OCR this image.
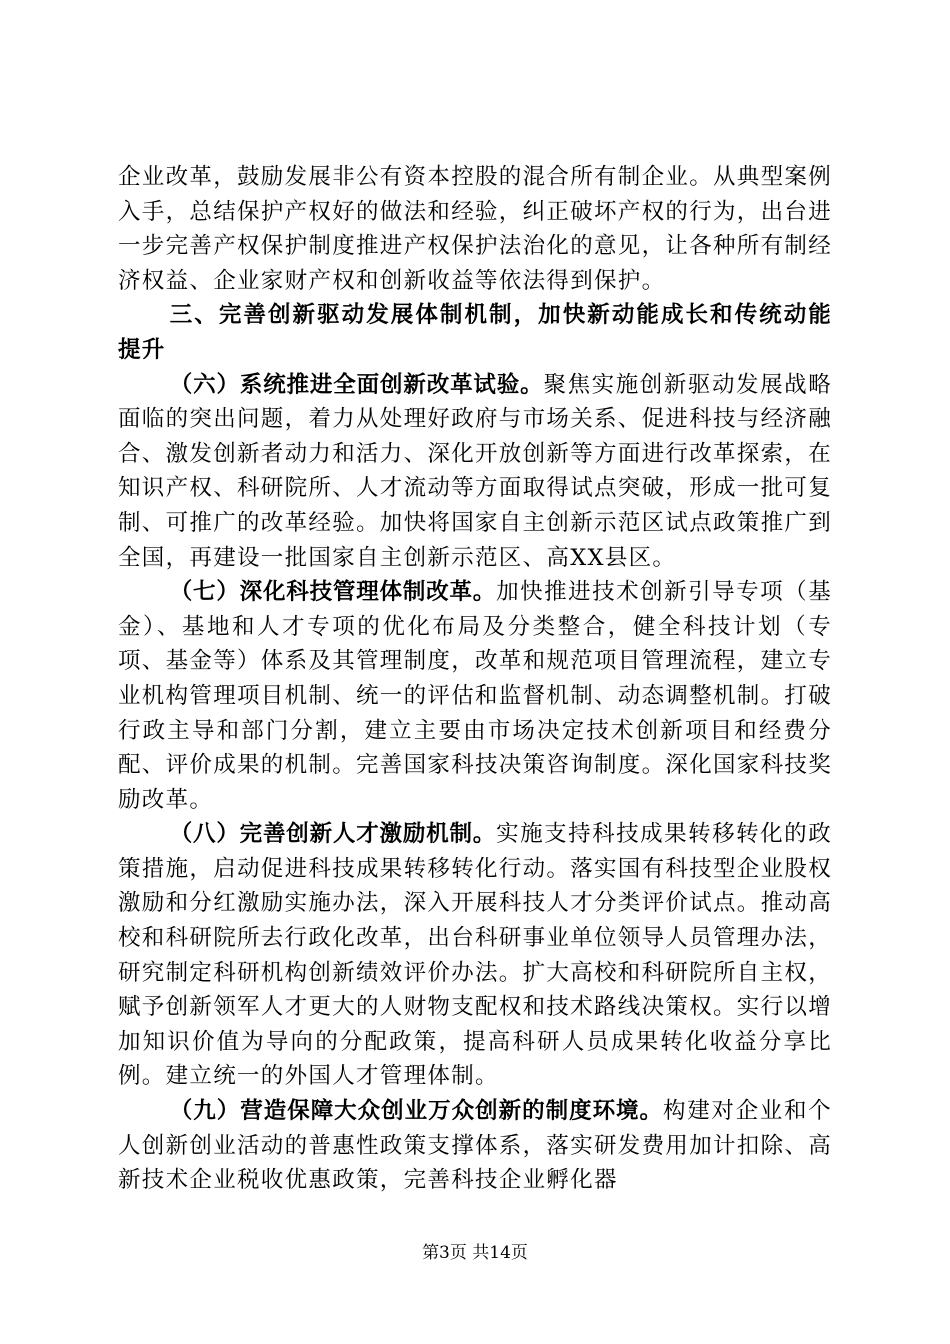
企业改革，鼓励发展非公有资本控股的混合所有制企业。从典型案例入手，总结保护产权好的做法和经验，纠正破坏产权的行为，出台进一步完善产权保护制度推进产权保护法治化的意见，让各种所有制经济权益、企业家财产权和创新收益等依法得到保护。

三、完善创新驱动发展体制机制，加快新动能成长和传统动能提升

（六）系统推进全面创新改革试验。聚焦实施创新驱动发展战略面临的突出问题，着力从处理好政府与市场关系、促进科技与经济融合、激发创新者动力和活力、深化开放创新等方面进行改革探索，在知识产权、科研院所、人才流动等方面取得试点突破，形成一批可复制、可推广的改革经验。加快将国家自主创新示范区试点政策推广到全国，再建设一批国家自主创新示范区、高XX县区。

（七）深化科技管理体制改革。加快推进技术创新引导专项（基金）、基地和人才专项的优化布局及分类整合，健全科技计划（专项、基金等）体系及其管理制度，改革和规范项目管理流程，建立专业机构管理项目机制、统一的评估和监督机制、动态调整机制。打破行政主导和部门分割，建立主要由市场决定技术创新项目和经费分配、评价成果的机制。完善国家科技决策咨询制度。深化国家科技奖励改革。

（八）完善创新人才激励机制。实施支持科技成果转移转化的政策措施，启动促进科技成果转移转化行动。落实国有科技型企业股权激励和分红激励实施办法，深入开展科技人才分类评价试点。推动高校和科研院所去行政化改革，出台科研事业单位领导人员管理办法，研究制定科研机构创新绩效评价办法。扩大高校和科研院所自主权，赋予创新领军人才更大的人财物支配权和技术路线决策权。实行以增加知识价值为导向的分配政策，提高科研人员成果转化收益分享比例。建立统一的外国人才管理体制。

（九）营造保障大众创业万众创新的制度环境。构建对企业和个人创新创业活动的普惠性政策支撑体系，落实研发费用加计扣除、高新技术企业税收优惠政策，完善科技企业孵化器

第3页 共14页
